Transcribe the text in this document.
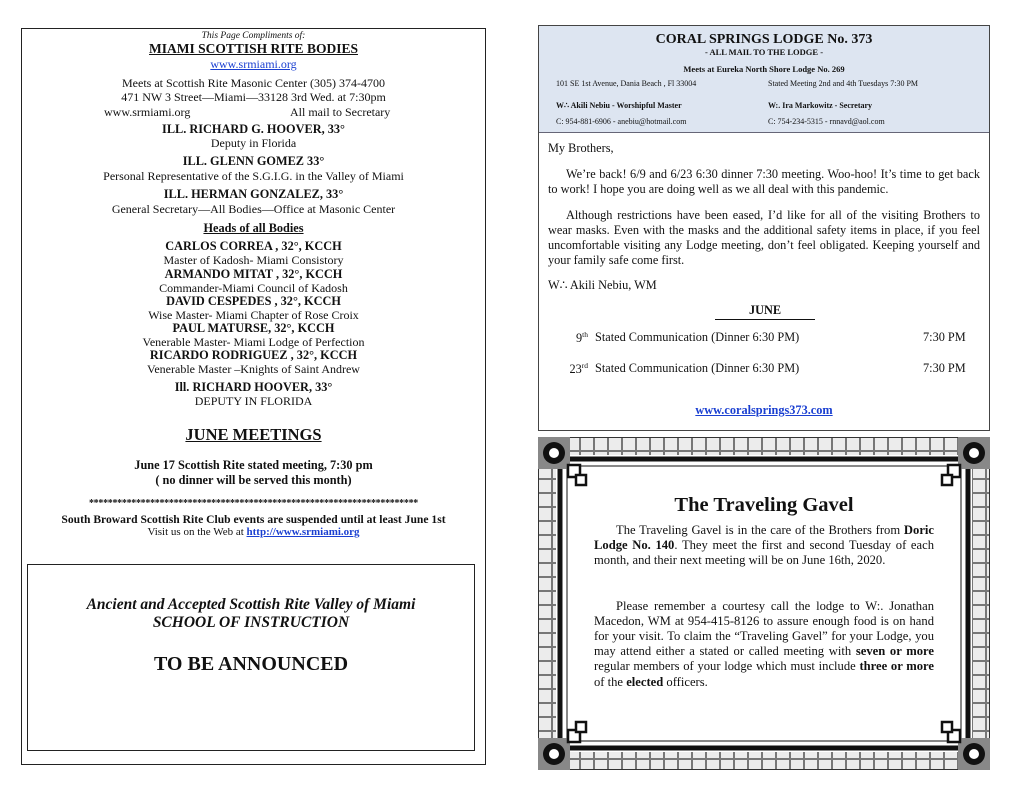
This Page Compliments of:
MIAMI SCOTTISH RITE BODIES
www.srmiami.org
Meets at Scottish Rite Masonic Center (305) 374-4700
471 NW 3 Street—Miami—33128 3rd Wed. at 7:30pm
www.srmiami.org	All mail to Secretary
ILL. RICHARD G. HOOVER, 33°
Deputy in Florida
ILL. GLENN GOMEZ 33°
Personal Representative of the S.G.I.G. in the Valley of Miami
ILL. HERMAN GONZALEZ, 33°
General Secretary—All Bodies—Office at Masonic Center
Heads of all Bodies
CARLOS CORREA , 32°, KCCH
Master of Kadosh- Miami Consistory
ARMANDO MITAT , 32°, KCCH
Commander-Miami Council of Kadosh
DAVID CESPEDES , 32°, KCCH
Wise Master- Miami Chapter of Rose Croix
PAUL MATURSE, 32°, KCCH
Venerable Master- Miami Lodge of Perfection
RICARDO RODRIGUEZ , 32°, KCCH
Venerable Master –Knights of Saint Andrew
Ill. RICHARD HOOVER, 33°
DEPUTY IN FLORIDA
JUNE MEETINGS
June 17 Scottish Rite stated meeting, 7:30 pm
( no dinner will be served this month)
**********************************************************************
South Broward Scottish Rite Club events are suspended until at least June 1st
Visit us on the Web at http://www.srmiami.org
Ancient and Accepted Scottish Rite Valley of Miami
SCHOOL OF INSTRUCTION
TO BE ANNOUNCED
CORAL SPRINGS LODGE No. 373
- ALL MAIL TO THE LODGE -
Meets at Eureka North Shore Lodge No. 269
101 SE 1st Avenue, Dania Beach , Fl 33004	Stated Meeting 2nd and 4th Tuesdays 7:30 PM
W∴ Akili Nebiu - Worshipful Master	W:. Ira Markowitz - Secretary
C: 954-881-6906 - anebiu@hotmail.com	C: 754-234-5315 - rnnavd@aol.com
My Brothers,
We’re back! 6/9 and 6/23 6:30 dinner 7:30 meeting. Woo-hoo! It’s time to get back to work! I hope you are doing well as we all deal with this pandemic.
Although restrictions have been eased, I’d like for all of the visiting Brothers to wear masks. Even with the masks and the additional safety items in place, if you feel uncomfortable visiting any Lodge meeting, don’t feel obligated. Keeping yourself and your family safe come first.
W∴ Akili Nebiu, WM
JUNE
9th Stated Communication (Dinner 6:30 PM)	7:30 PM
23rd Stated Communication (Dinner 6:30 PM)	7:30 PM
www.coralsprings373.com
The Traveling Gavel
The Traveling Gavel is in the care of the Brothers from Doric Lodge No. 140. They meet the first and second Tuesday of each month, and their next meeting will be on June 16th, 2020.
Please remember a courtesy call the lodge to W:. Jonathan Macedon, WM at 954-415-8126 to assure enough food is on hand for your visit. To claim the “Traveling Gavel” for your Lodge, you may attend either a stated or called meeting with seven or more regular members of your lodge which must include three or more of the elected officers.
